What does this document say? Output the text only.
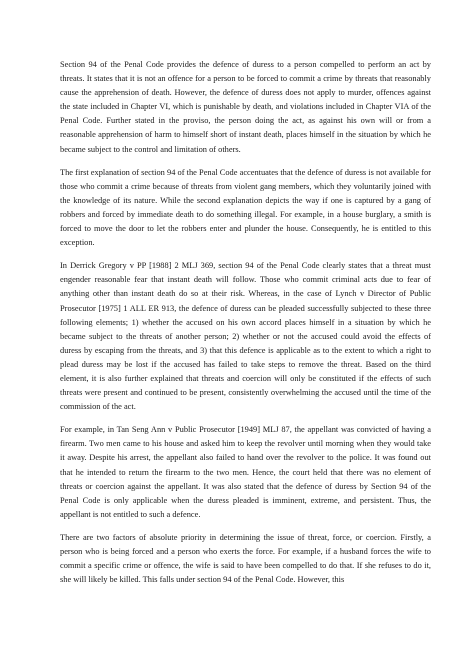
Section 94 of the Penal Code provides the defence of duress to a person compelled to perform an act by threats. It states that it is not an offence for a person to be forced to commit a crime by threats that reasonably cause the apprehension of death. However, the defence of duress does not apply to murder, offences against the state included in Chapter VI, which is punishable by death, and violations included in Chapter VIA of the Penal Code. Further stated in the proviso, the person doing the act, as against his own will or from a reasonable apprehension of harm to himself short of instant death, places himself in the situation by which he became subject to the control and limitation of others.

The first explanation of section 94 of the Penal Code accentuates that the defence of duress is not available for those who commit a crime because of threats from violent gang members, which they voluntarily joined with the knowledge of its nature. While the second explanation depicts the way if one is captured by a gang of robbers and forced by immediate death to do something illegal. For example, in a house burglary, a smith is forced to move the door to let the robbers enter and plunder the house. Consequently, he is entitled to this exception.

In Derrick Gregory v PP [1988] 2 MLJ 369, section 94 of the Penal Code clearly states that a threat must engender reasonable fear that instant death will follow. Those who commit criminal acts due to fear of anything other than instant death do so at their risk. Whereas, in the case of Lynch v Director of Public Prosecutor [1975] 1 ALL ER 913, the defence of duress can be pleaded successfully subjected to these three following elements; 1) whether the accused on his own accord places himself in a situation by which he became subject to the threats of another person; 2) whether or not the accused could avoid the effects of duress by escaping from the threats, and 3) that this defence is applicable as to the extent to which a right to plead duress may be lost if the accused has failed to take steps to remove the threat. Based on the third element, it is also further explained that threats and coercion will only be constituted if the effects of such threats were present and continued to be present, consistently overwhelming the accused until the time of the commission of the act.

For example, in Tan Seng Ann v Public Prosecutor [1949] MLJ 87, the appellant was convicted of having a firearm. Two men came to his house and asked him to keep the revolver until morning when they would take it away. Despite his arrest, the appellant also failed to hand over the revolver to the police. It was found out that he intended to return the firearm to the two men. Hence, the court held that there was no element of threats or coercion against the appellant. It was also stated that the defence of duress by Section 94 of the Penal Code is only applicable when the duress pleaded is imminent, extreme, and persistent. Thus, the appellant is not entitled to such a defence.

There are two factors of absolute priority in determining the issue of threat, force, or coercion. Firstly, a person who is being forced and a person who exerts the force. For example, if a husband forces the wife to commit a specific crime or offence, the wife is said to have been compelled to do that. If she refuses to do it, she will likely be killed. This falls under section 94 of the Penal Code. However, this
